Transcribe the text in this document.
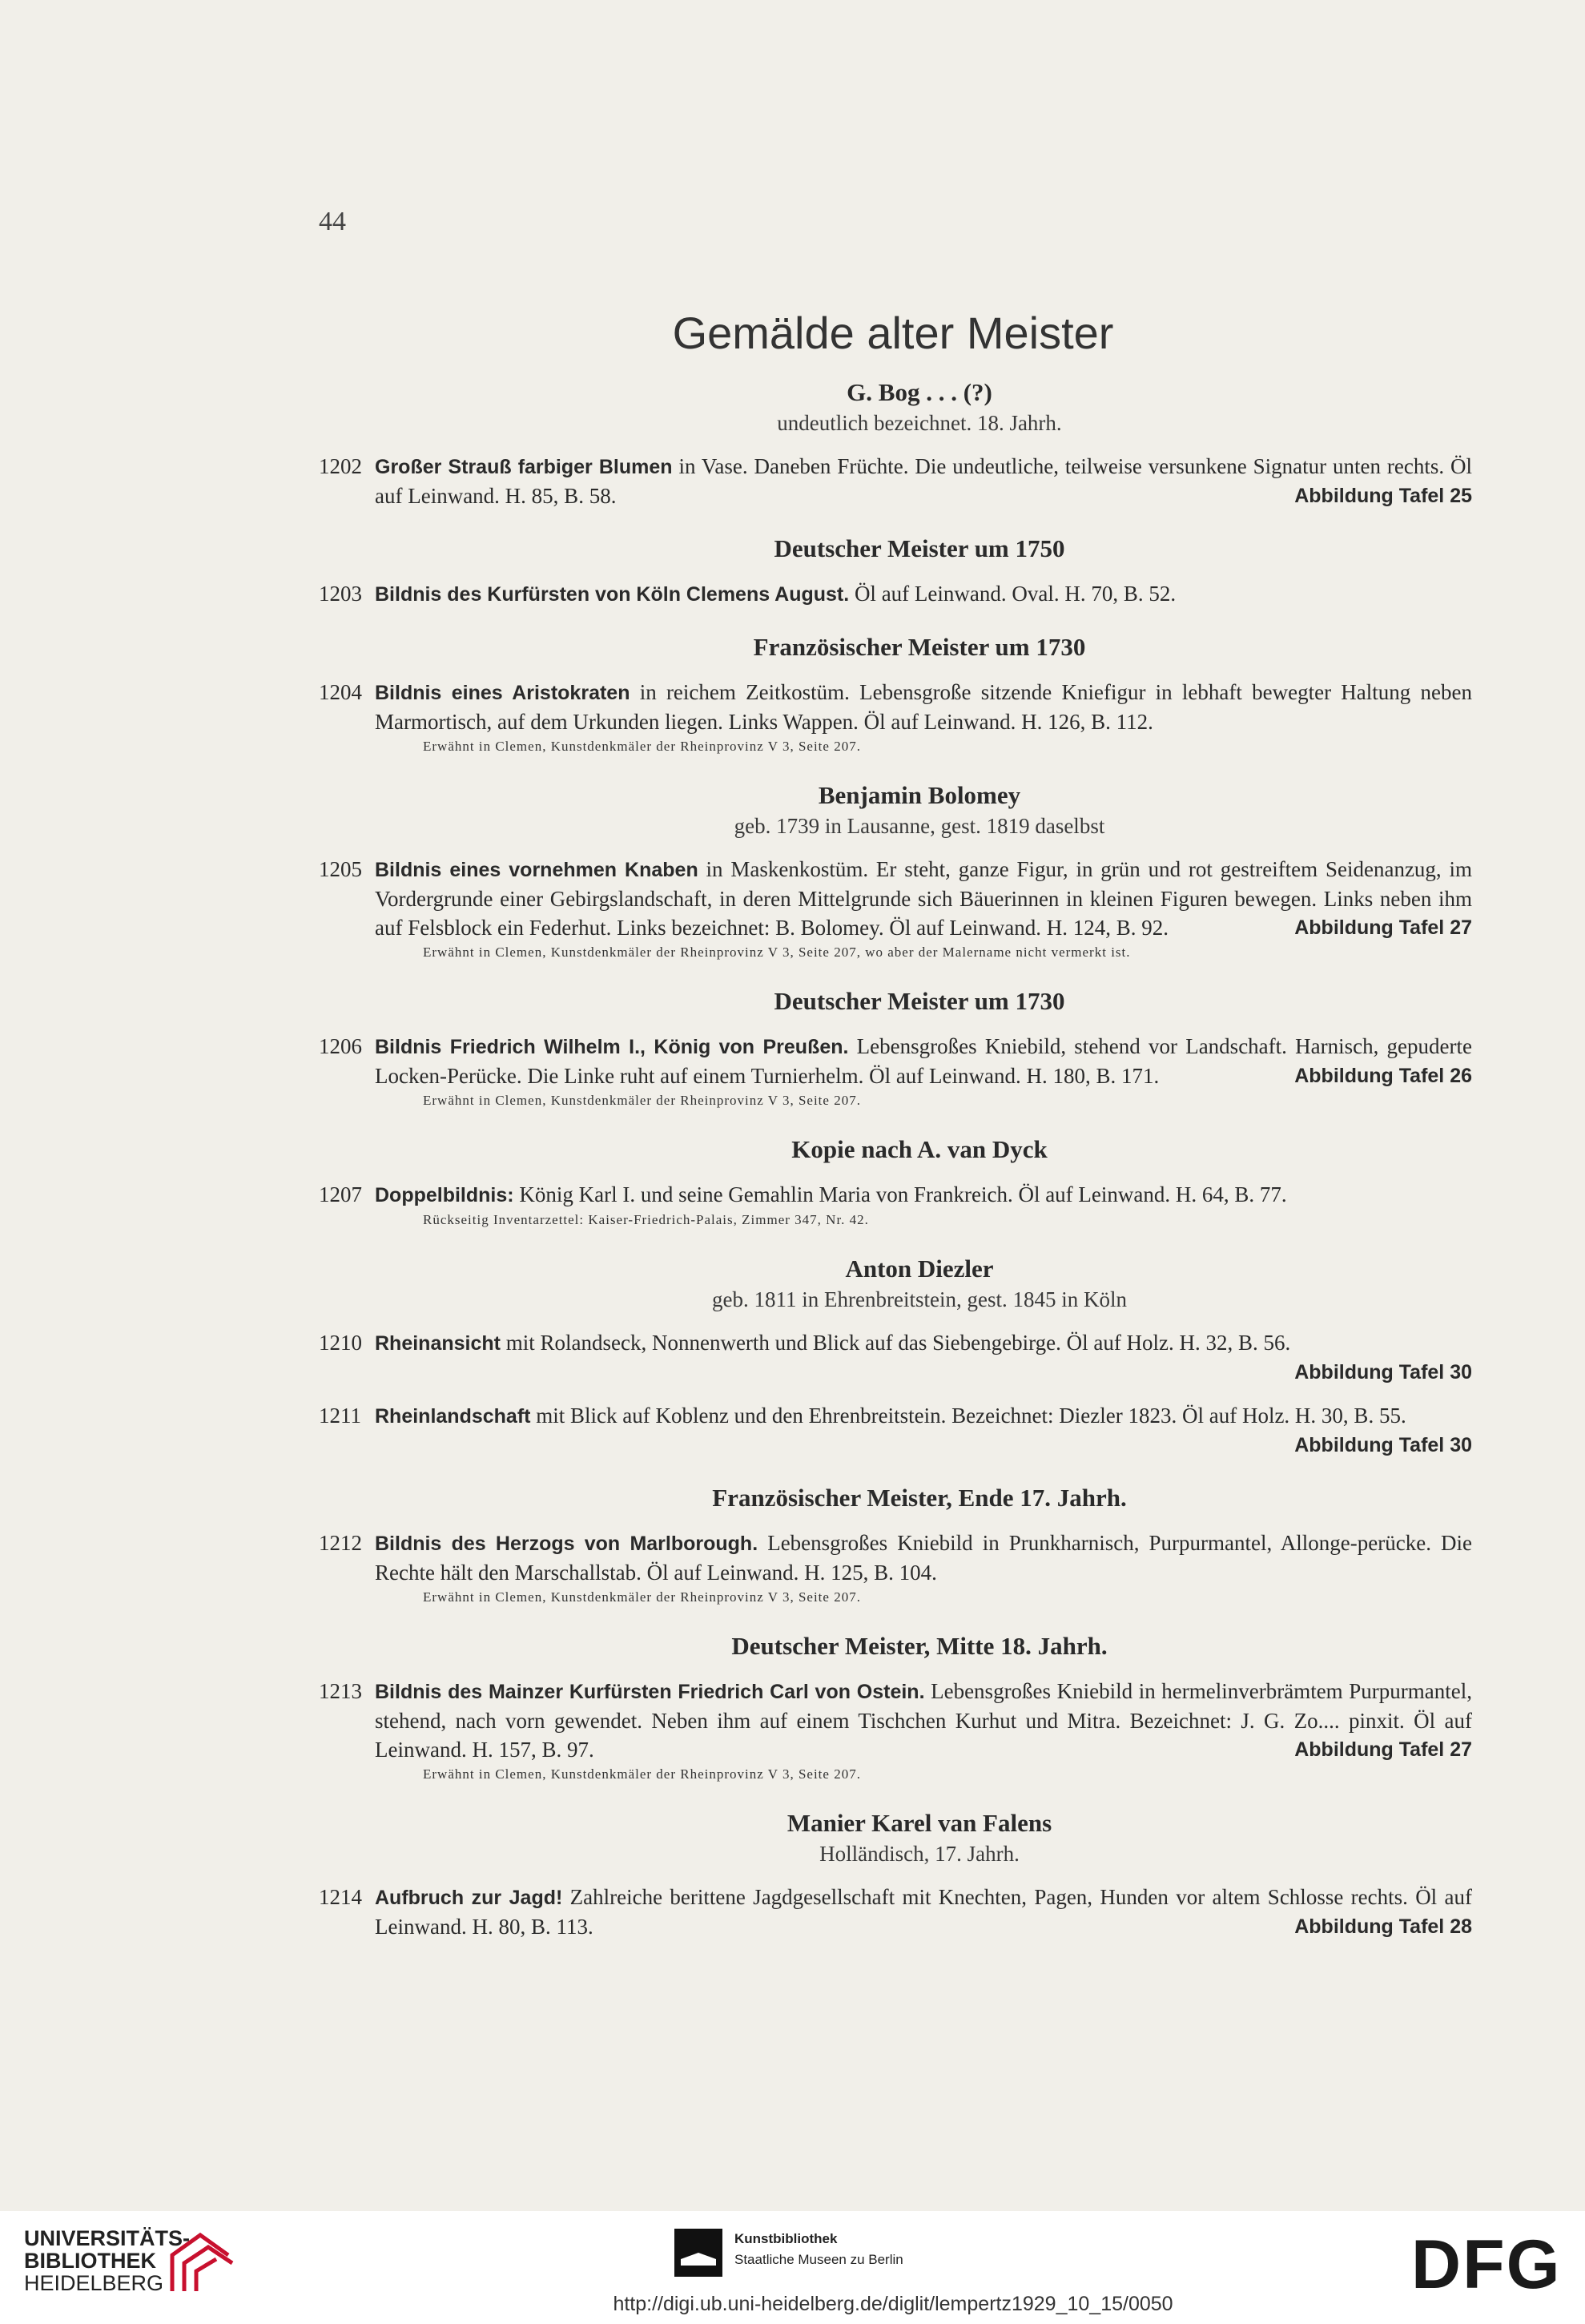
44
Gemälde alter Meister
G. Bog . . . (?)
undeutlich bezeichnet. 18. Jahrh.
1202 Großer Strauß farbiger Blumen in Vase. Daneben Früchte. Die undeutliche, teilweise versunkene Signatur unten rechts. Öl auf Leinwand. H. 85, B. 58.	Abbildung Tafel 25
Deutscher Meister um 1750
1203 Bildnis des Kurfürsten von Köln Clemens August. Öl auf Leinwand. Oval. H. 70, B. 52.
Französischer Meister um 1730
1204 Bildnis eines Aristokraten in reichem Zeitkostüm. Lebensgroße sitzende Kniefigur in lebhaft bewegter Haltung neben Marmortisch, auf dem Urkunden liegen. Links Wappen. Öl auf Leinwand. H. 126, B. 112.
Erwähnt in Clemen, Kunstdenkmäler der Rheinprovinz V 3, Seite 207.
Benjamin Bolomey
geb. 1739 in Lausanne, gest. 1819 daselbst
1205 Bildnis eines vornehmen Knaben in Maskenkostüm. Er steht, ganze Figur, in grün und rot gestreiftem Seidenanzug, im Vordergrunde einer Gebirgslandschaft, in deren Mittelgrunde sich Bäuerinnen in kleinen Figuren bewegen. Links neben ihm auf Felsblock ein Federhut. Links bezeichnet: B. Bolomey. Öl auf Leinwand. H. 124, B. 92.	Abbildung Tafel 27
Erwähnt in Clemen, Kunstdenkmäler der Rheinprovinz V 3, Seite 207, wo aber der Malername nicht vermerkt ist.
Deutscher Meister um 1730
1206 Bildnis Friedrich Wilhelm I., König von Preußen. Lebensgroßes Kniebild, stehend vor Landschaft. Harnisch, gepuderte Locken-Perücke. Die Linke ruht auf einem Turnierhelm. Öl auf Leinwand. H. 180, B. 171.	Abbildung Tafel 26
Erwähnt in Clemen, Kunstdenkmäler der Rheinprovinz V 3, Seite 207.
Kopie nach A. van Dyck
1207 Doppelbildnis: König Karl I. und seine Gemahlin Maria von Frankreich. Öl auf Leinwand. H. 64, B. 77.
Rückseitig Inventarzettel: Kaiser-Friedrich-Palais, Zimmer 347, Nr. 42.
Anton Diezler
geb. 1811 in Ehrenbreitstein, gest. 1845 in Köln
1210 Rheinansicht mit Rolandseck, Nonnenwerth und Blick auf das Siebengebirge. Öl auf Holz. H. 32, B. 56.
Abbildung Tafel 30
1211 Rheinlandschaft mit Blick auf Koblenz und den Ehrenbreitstein. Bezeichnet: Diezler 1823. Öl auf Holz. H. 30, B. 55.
Abbildung Tafel 30
Französischer Meister, Ende 17. Jahrh.
1212 Bildnis des Herzogs von Marlborough. Lebensgroßes Kniebild in Prunkharnisch, Purpurmantel, Allonge-perücke. Die Rechte hält den Marschallstab. Öl auf Leinwand. H. 125, B. 104.
Erwähnt in Clemen, Kunstdenkmäler der Rheinprovinz V 3, Seite 207.
Deutscher Meister, Mitte 18. Jahrh.
1213 Bildnis des Mainzer Kurfürsten Friedrich Carl von Ostein. Lebensgroßes Kniebild in hermelinverbrämtem Purpurmantel, stehend, nach vorn gewendet. Neben ihm auf einem Tischchen Kurhut und Mitra. Bezeichnet: J. G. Zo.... pinxit. Öl auf Leinwand. H. 157, B. 97.	Abbildung Tafel 27
Erwähnt in Clemen, Kunstdenkmäler der Rheinprovinz V 3, Seite 207.
Manier Karel van Falens
Holländisch, 17. Jahrh.
1214 Aufbruch zur Jagd! Zahlreiche berittene Jagdgesellschaft mit Knechten, Pagen, Hunden vor altem Schlosse rechts. Öl auf Leinwand. H. 80, B. 113.	Abbildung Tafel 28
UNIVERSITÄTS-
BIBLIOTHEK
HEIDELBERG
Kunstbibliothek
Staatliche Museen zu Berlin	DFG
http://digi.ub.uni-heidelberg.de/diglit/lempertz1929_10_15/0050
